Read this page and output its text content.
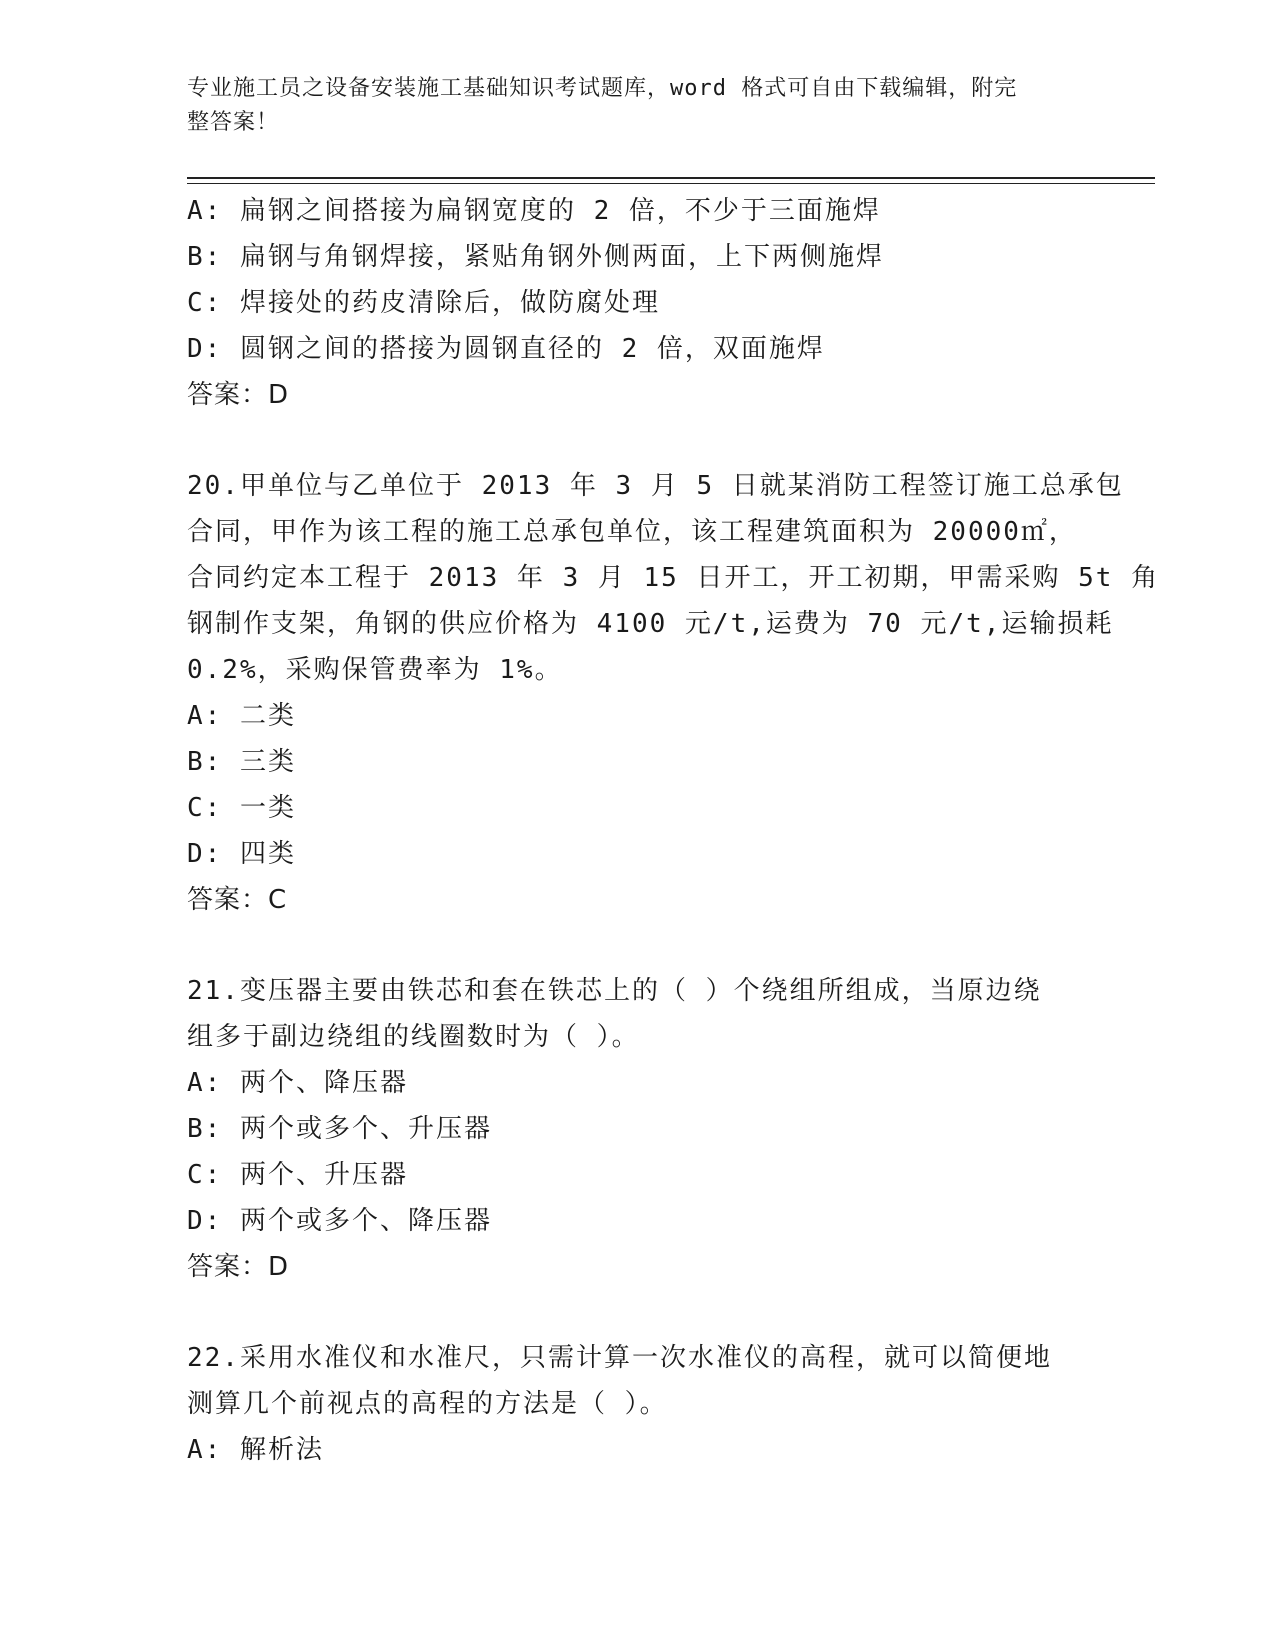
专业施工员之设备安装施工基础知识考试题库，word 格式可自由下载编辑，附完
整答案！
A: 扁钢之间搭接为扁钢宽度的 2 倍，不少于三面施焊
B: 扁钢与角钢焊接，紧贴角钢外侧两面，上下两侧施焊
C: 焊接处的药皮清除后，做防腐处理
D: 圆钢之间的搭接为圆钢直径的 2 倍，双面施焊
答案：D
20.甲单位与乙单位于 2013 年 3 月 5 日就某消防工程签订施工总承包
合同，甲作为该工程的施工总承包单位，该工程建筑面积为 20000㎡，
合同约定本工程于 2013 年 3 月 15 日开工，开工初期，甲需采购 5t 角
钢制作支架，角钢的供应价格为 4100 元/t,运费为 70 元/t,运输损耗
0.2%，采购保管费率为 1%。
A: 二类
B: 三类
C: 一类
D: 四类
答案：C
21.变压器主要由铁芯和套在铁芯上的（ ）个绕组所组成，当原边绕
组多于副边绕组的线圈数时为（ ）。
A: 两个、降压器
B: 两个或多个、升压器
C: 两个、升压器
D: 两个或多个、降压器
答案：D
22.采用水准仪和水准尺，只需计算一次水准仪的高程，就可以简便地
测算几个前视点的高程的方法是（ ）。
A: 解析法
